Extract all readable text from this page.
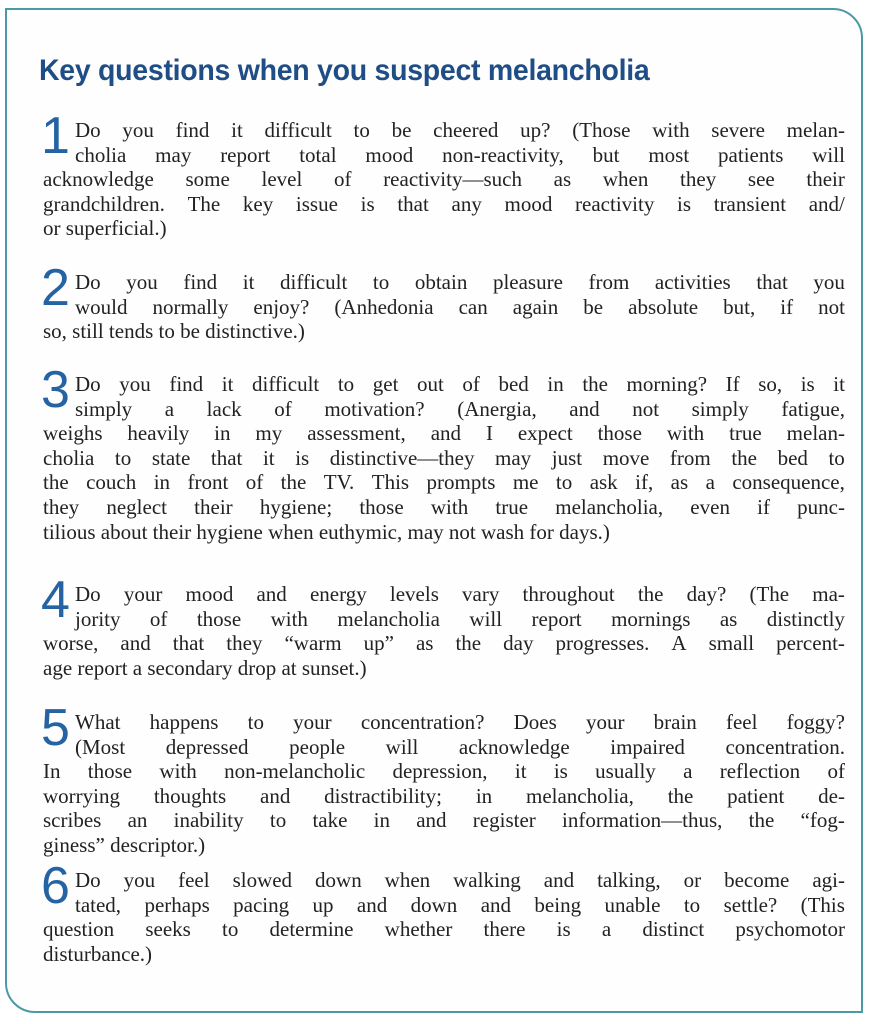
Key questions when you suspect melancholia
1 Do you find it difficult to be cheered up? (Those with severe melan-
cholia may report total mood non-reactivity, but most patients will
acknowledge some level of reactivity—such as when they see their
grandchildren. The key issue is that any mood reactivity is transient and/
or superficial.)
2 Do you find it difficult to obtain pleasure from activities that you
would normally enjoy? (Anhedonia can again be absolute but, if not
so, still tends to be distinctive.)
3 Do you find it difficult to get out of bed in the morning? If so, is it
simply a lack of motivation? (Anergia, and not simply fatigue,
weighs heavily in my assessment, and I expect those with true melan-
cholia to state that it is distinctive—they may just move from the bed to
the couch in front of the TV. This prompts me to ask if, as a consequence,
they neglect their hygiene; those with true melancholia, even if punc-
tilious about their hygiene when euthymic, may not wash for days.)
4 Do your mood and energy levels vary throughout the day? (The ma-
jority of those with melancholia will report mornings as distinctly
worse, and that they “warm up” as the day progresses. A small percent-
age report a secondary drop at sunset.)
5 What happens to your concentration? Does your brain feel foggy?
(Most depressed people will acknowledge impaired concentration.
In those with non-melancholic depression, it is usually a reflection of
worrying thoughts and distractibility; in melancholia, the patient de-
scribes an inability to take in and register information—thus, the “fog-
giness” descriptor.)
6 Do you feel slowed down when walking and talking, or become agi-
tated, perhaps pacing up and down and being unable to settle? (This
question seeks to determine whether there is a distinct psychomotor
disturbance.)
